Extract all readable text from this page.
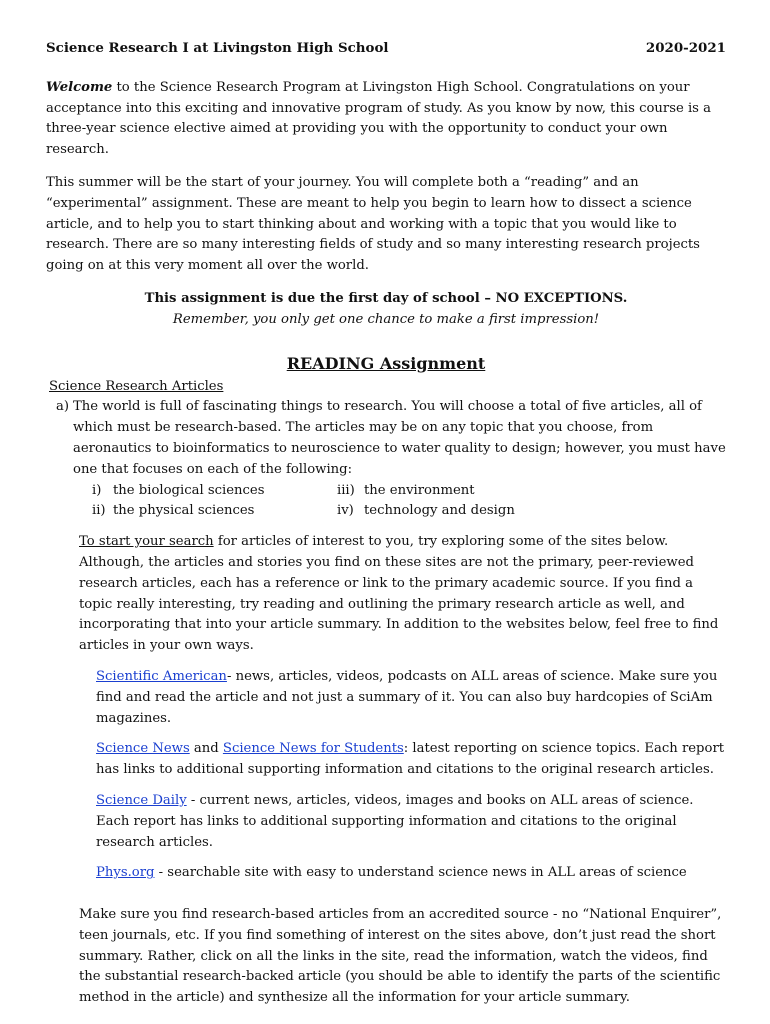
Science Research I at Livingston High School	2020-2021

Welcome to the Science Research Program at Livingston High School. Congratulations on your acceptance into this exciting and innovative program of study. As you know by now, this course is a three-year science elective aimed at providing you with the opportunity to conduct your own research.

This summer will be the start of your journey. You will complete both a “reading” and an “experimental” assignment. These are meant to help you begin to learn how to dissect a science article, and to help you to start thinking about and working with a topic that you would like to research. There are so many interesting fields of study and so many interesting research projects going on at this very moment all over the world.

This assignment is due the first day of school – NO EXCEPTIONS.

Remember, you only get one chance to make a first impression!

READING Assignment
Science Research Articles
a) The world is full of fascinating things to research. You will choose a total of five articles, all of which must be research-based. The articles may be on any topic that you choose, from aeronautics to bioinformatics to neuroscience to water quality to design; however, you must have one that focuses on each of the following:
i) the biological sciences	iii) the environment
ii) the physical sciences	iv) technology and design

To start your search for articles of interest to you, try exploring some of the sites below. Although, the articles and stories you find on these sites are not the primary, peer-reviewed research articles, each has a reference or link to the primary academic source. If you find a topic really interesting, try reading and outlining the primary research article as well, and incorporating that into your article summary. In addition to the websites below, feel free to find articles in your own ways.

Scientific American- news, articles, videos, podcasts on ALL areas of science. Make sure you find and read the article and not just a summary of it. You can also buy hardcopies of SciAm magazines.

Science News and Science News for Students: latest reporting on science topics. Each report has links to additional supporting information and citations to the original research articles.

Science Daily - current news, articles, videos, images and books on ALL areas of science. Each report has links to additional supporting information and citations to the original research articles.

Phys.org - searchable site with easy to understand science news in ALL areas of science

Make sure you find research-based articles from an accredited source - no “National Enquirer”, teen journals, etc. If you find something of interest on the sites above, don’t just read the short summary. Rather, click on all the links in the site, read the information, watch the videos, find the substantial research-backed article (you should be able to identify the parts of the scientific method in the article) and synthesize all the information for your article summary.
